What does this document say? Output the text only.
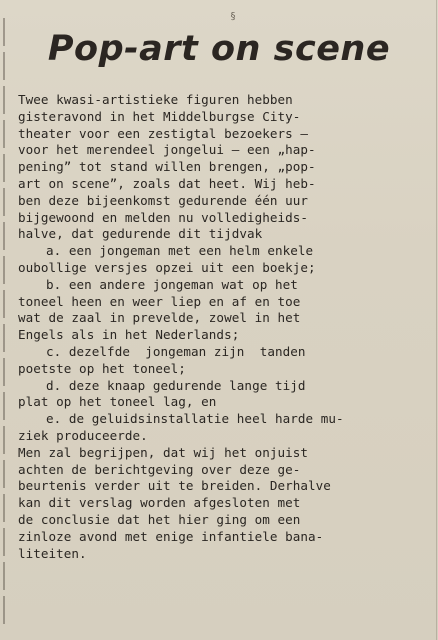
§
Pop-art on scene
Twee kwasi-artistieke figuren hebben
gisteravond in het Middelburgse City-
theater voor een zestigtal bezoekers —
voor het merendeel jongelui — een „hap-
pening” tot stand willen brengen, „pop-
art on scene”, zoals dat heet. Wij heb-
ben deze bijeenkomst gedurende één uur
bijgewoond en melden nu volledigheids-
halve, dat gedurende dit tijdvak
a. een jongeman met een helm enkele
oubollige versjes opzei uit een boekje;
b. een andere jongeman wat op het
toneel heen en weer liep en af en toe
wat de zaal in prevelde, zowel in het
Engels als in het Nederlands;
c. dezelfde  jongeman zijn  tanden
poetste op het toneel;
d. deze knaap gedurende lange tijd
plat op het toneel lag, en
e. de geluidsinstallatie heel harde mu-
ziek produceerde.
Men zal begrijpen, dat wij het onjuist
achten de berichtgeving over deze ge-
beurtenis verder uit te breiden. Derhalve
kan dit verslag worden afgesloten met
de conclusie dat het hier ging om een
zinloze avond met enige infantiele bana-
liteiten.
